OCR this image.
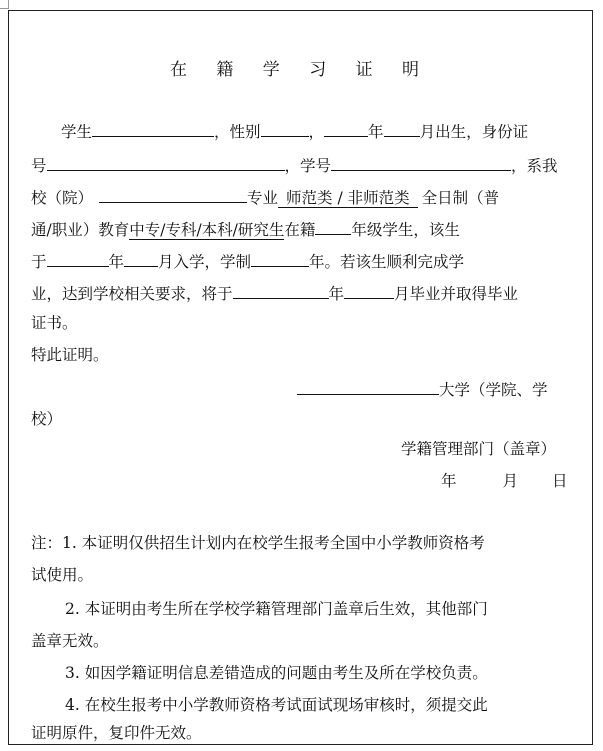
在 籍 学 习 证 明
学生	，性别	，	年 月出生，身份证
号	，学号	，系我
校（院）	专业 师范类 / 非师范类 全日制（普
通/职业）教育中专/专科/本科/研究生在籍 年级学生，该生
于	年 月入学，学制	年。若该生顺利完成学
业，达到学校相关要求，将于	年	月毕业并取得毕业
证书。
特此证明。
大学（学院、学
校）
学籍管理部门（盖章）
年	月 日
注：1. 本证明仅供招生计划内在校学生报考全国中小学教师资格考
试使用。
2. 本证明由考生所在学校学籍管理部门盖章后生效，其他部门
盖章无效。
3. 如因学籍证明信息差错造成的问题由考生及所在学校负责。
4. 在校生报考中小学教师资格考试面试现场审核时，须提交此
证明原件，复印件无效。
